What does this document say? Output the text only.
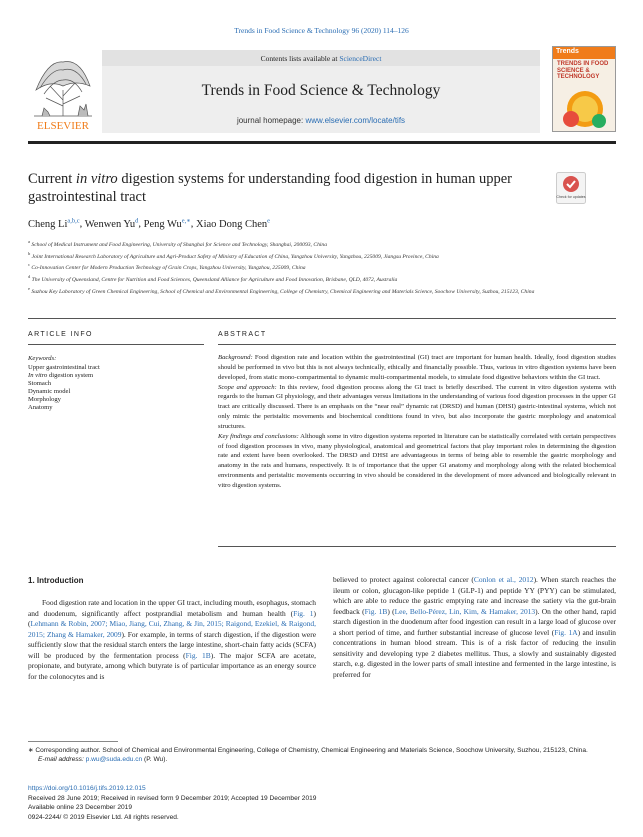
Trends in Food Science & Technology 96 (2020) 114–126
ELSEVIER
Contents lists available at ScienceDirect
Trends in Food Science & Technology
journal homepage: www.elsevier.com/locate/tifs
Trends
TRENDS IN FOOD SCIENCE & TECHNOLOGY
Current in vitro digestion systems for understanding food digestion in human upper gastrointestinal tract	Check for updates
Cheng Li$^{a,b,c}$, Wenwen Yu$^d$, Peng $Wu^{e,∗}$, Xiao Dong Chen$^e$
$^a$ School of Medical Instrument and Food Engineering, University of Shanghai for Science and Technology, Shanghai, 200093, China
$^b$ Joint International Research Laboratory of Agriculture and Agri-Product Safety of Ministry of Education of China, Yangzhou University, Yangzhou, 225009, Jiangsu Province, China
$^c$ Co-Innovation Center for Modern Production Technology of Grain Crops, Yangzhou University, Yangzhou, 225009, China
$^d$ The University of Queensland, Centre for Nutrition and Food Sciences, Queensland Alliance for Agriculture and Food Innovation, Brisbane, QLD, 4072, Australia
$^e$ Suzhou Key Laboratory of Green Chemical Engineering, School of Chemical and Environmental Engineering, College of Chemistry, Chemical Engineering and Materials Science, Soochow University, Suzhou, 215123, China
ARTICLE INFO
Keywords:
Upper gastrointestinal tract
In vitro digestion system
Stomach
Dynamic model
Morphology
Anatomy
ABSTRACT

Background: Food digestion rate and location within the gastrointestinal (GI) tract are important for human health. Ideally, food digestion studies should be performed in vivo but this is not always technically, ethically and financially possible. Thus, various in vitro digestion systems have been developed, from static mono-compartmental to dynamic multi-compartmental models, to simulate food digestive behaviors within the GI tract.

Scope and approach: In this review, food digestion process along the GI tract is briefly described. The current in vitro digestion systems with regards to the human GI physiology, and their advantages versus limitations in the understanding of various food digestion processes in the upper GI tract are critically discussed. There is an emphasis on the “near real” dynamic rat (DRSD) and human (DHSI) gastric-intestinal systems, which not only mimic the peristaltic movements and biochemical conditions found in vivo, but also incorporate the gastric morphology and anatomical structures.

Key findings and conclusions: Although some in vitro digestion systems reported in literature can be statistically correlated with certain perspectives of food digestion processes in vivo, many physiological, anatomical and geometrical factors that play important roles in determining the digestion rate and extent have been overlooked. The DRSD and DHSI are advantageous in terms of being able to resemble the gastric morphology and anatomy in the rats and humans, respectively. It is of importance that the upper GI anatomy and morphology along with the related biochemical environments and peristaltic movements occurring in vivo should be considered in the development of more advanced and biologically relevant in vitro digestion systems.

1. Introduction

Food digestion rate and location in the upper GI tract, including mouth, esophagus, stomach and duodenum, significantly affect postprandial metabolism and human health (Fig. 1) (Lehmann & Robin, 2007; Miao, Jiang, Cui, Zhang, & Jin, 2015; Raigond, Ezekiel, & Raigond, 2015; Zhang & Hamaker, 2009). For example, in terms of starch digestion, if the digestion were sufficiently slow that the residual starch enters the large intestine, short-chain fatty acids (SCFA) will be produced by the fermentation process (Fig. 1B). The major SCFA are acetate, propionate, and butyrate, among which butyrate is of particular importance as an energy source for the colonocytes and is

believed to protect against colorectal cancer (Conlon et al., 2012). When starch reaches the ileum or colon, glucagon-like peptide 1 (GLP-1) and peptide YY (PYY) can be stimulated, which are able to reduce the gastric emptying rate and increase the satiety via the gut-brain feedback (Fig. 1B) (Lee, Bello-Pérez, Lin, Kim, & Hamaker, 2013). On the other hand, rapid starch digestion in the duodenum after food ingestion can result in a large load of glucose over a short period of time, and further substantial increase of glucose level (Fig. 1A) and insulin concentrations in human blood stream. This is of a risk factor of reducing the insulin sensitivity and developing type 2 diabetes mellitus. Thus, a slowly and sustainably digested starch, e.g. digested in the lower parts of small intestine and fermented in the large intestine, is preferred for
∗ Corresponding author. School of Chemical and Environmental Engineering, College of Chemistry, Chemical Engineering and Materials Science, Soochow University, Suzhou, 215123, China.
E-mail address: p.wu@suda.edu.cn (P. Wu).
https://doi.org/10.1016/j.tifs.2019.12.015
Received 28 June 2019; Received in revised form 9 December 2019; Accepted 19 December 2019
Available online 23 December 2019
0924-2244/ © 2019 Elsevier Ltd. All rights reserved.
